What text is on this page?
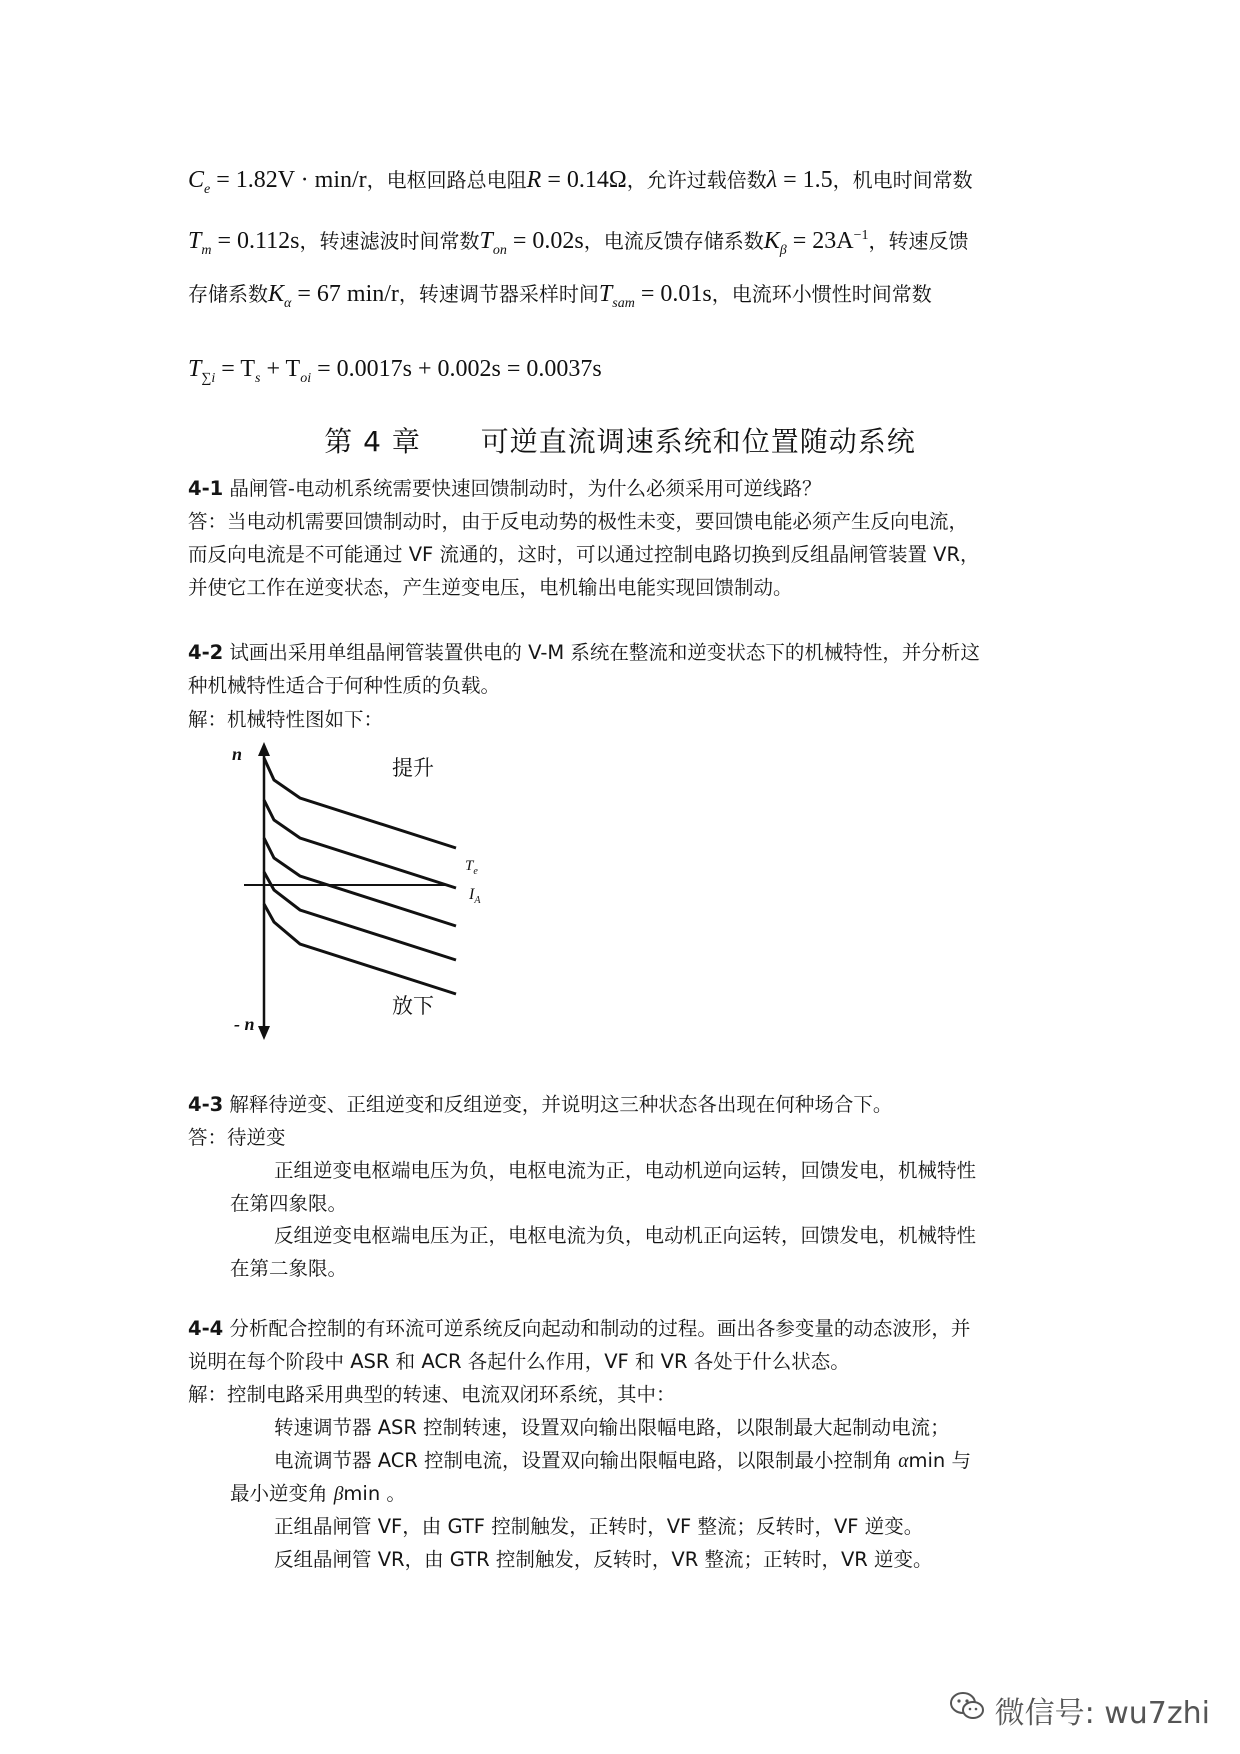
$C_e = 1.82V \cdot \min/r$，电枢回路总电阻R = 0.14Ω，允许过载倍数λ = 1.5，机电时间常数
$T_m = 0.112s$，转速滤波时间常数$T_{on} = 0.02s$，电流反馈存储系数$K_\beta = 23A^{-1}$，转速反馈
存储系数$K_\alpha = 67$ min/r，转速调节器采样时间$T_{sam} = 0.01s$，电流环小惯性时间常数
$T_{\sum i} = T_s + T_{oi} = 0.0017s + 0.002s = 0.0037s$
第 4 章 可逆直流调速系统和位置随动系统
4-1 晶闸管-电动机系统需要快速回馈制动时，为什么必须采用可逆线路？
答：当电动机需要回馈制动时，由于反电动势的极性未变，要回馈电能必须产生反向电流，
而反向电流是不可能通过 VF 流通的，这时，可以通过控制电路切换到反组晶闸管装置 VR，
并使它工作在逆变状态，产生逆变电压，电机输出电能实现回馈制动。
4-2 试画出采用单组晶闸管装置供电的 V-M 系统在整流和逆变状态下的机械特性，并分析这
种机械特性适合于何种性质的负载。
解：机械特性图如下：
n
- n
$T_e$
$I_A$
提升
放下
4-3 解释待逆变、正组逆变和反组逆变，并说明这三种状态各出现在何种场合下。
答：待逆变
正组逆变电枢端电压为负，电枢电流为正，电动机逆向运转，回馈发电，机械特性
在第四象限。
反组逆变电枢端电压为正，电枢电流为负，电动机正向运转，回馈发电，机械特性
在第二象限。
4-4 分析配合控制的有环流可逆系统反向起动和制动的过程。画出各参变量的动态波形，并
说明在每个阶段中 ASR 和 ACR 各起什么作用，VF 和 VR 各处于什么状态。
解：控制电路采用典型的转速、电流双闭环系统，其中：
转速调节器 ASR 控制转速，设置双向输出限幅电路，以限制最大起制动电流；
电流调节器 ACR 控制电流，设置双向输出限幅电路，以限制最小控制角 αmin 与
最小逆变角 βmin 。
正组晶闸管 VF，由 GTF 控制触发，正转时，VF 整流；反转时，VF 逆变。
反组晶闸管 VR，由 GTR 控制触发，反转时，VR 整流；正转时，VR 逆变。
微信号: wu7zhi
